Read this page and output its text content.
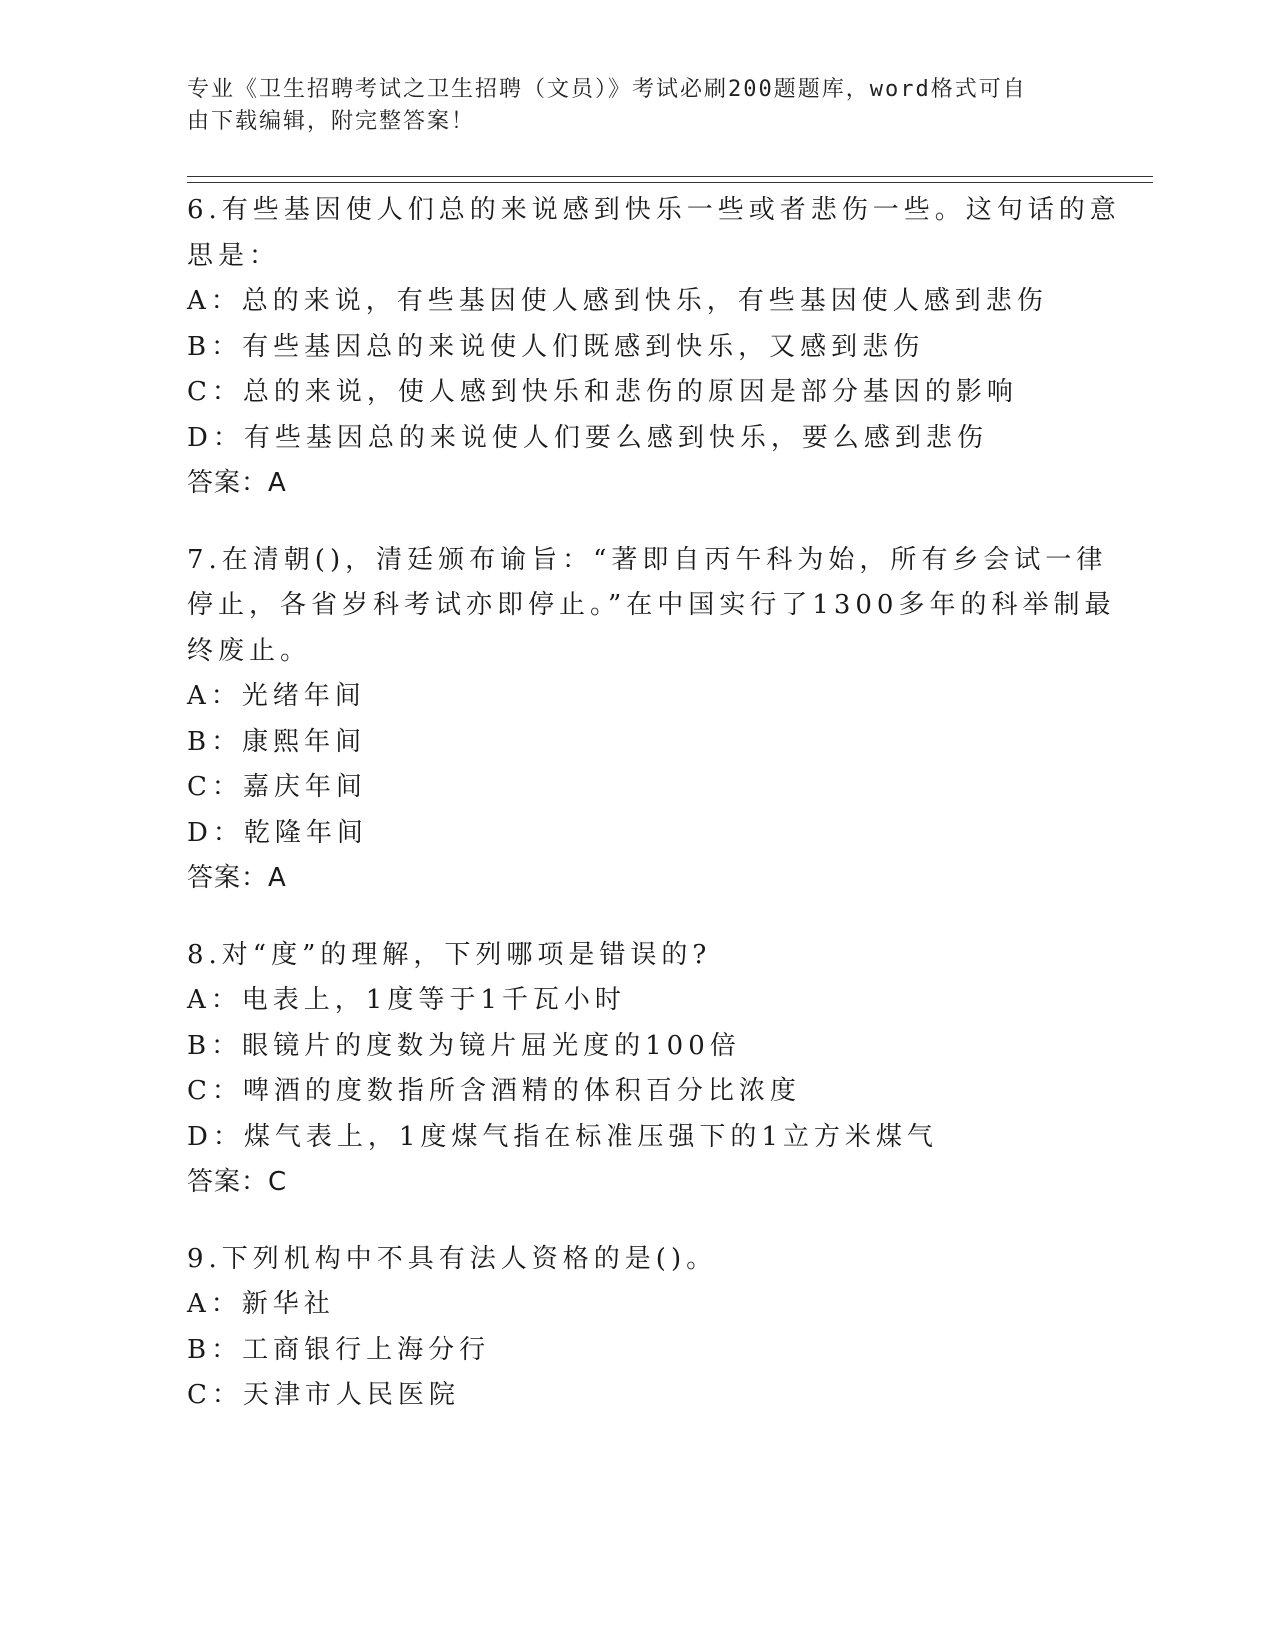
专业《卫生招聘考试之卫生招聘（文员）》考试必刷200题题库，word格式可自
由下载编辑，附完整答案！
6.有些基因使人们总的来说感到快乐一些或者悲伤一些。这句话的意
思是：
A：总的来说，有些基因使人感到快乐，有些基因使人感到悲伤
B：有些基因总的来说使人们既感到快乐，又感到悲伤
C：总的来说，使人感到快乐和悲伤的原因是部分基因的影响
D：有些基因总的来说使人们要么感到快乐，要么感到悲伤
答案：A
7.在清朝()，清廷颁布谕旨：“著即自丙午科为始，所有乡会试一律
停止，各省岁科考试亦即停止。”在中国实行了1300多年的科举制最
终废止。
A：光绪年间
B：康熙年间
C：嘉庆年间
D：乾隆年间
答案：A
8.对“度”的理解，下列哪项是错误的?
A：电表上，1度等于1千瓦小时
B：眼镜片的度数为镜片屈光度的100倍
C：啤酒的度数指所含酒精的体积百分比浓度
D：煤气表上，1度煤气指在标准压强下的1立方米煤气
答案：C
9.下列机构中不具有法人资格的是()。
A：新华社
B：工商银行上海分行
C：天津市人民医院
